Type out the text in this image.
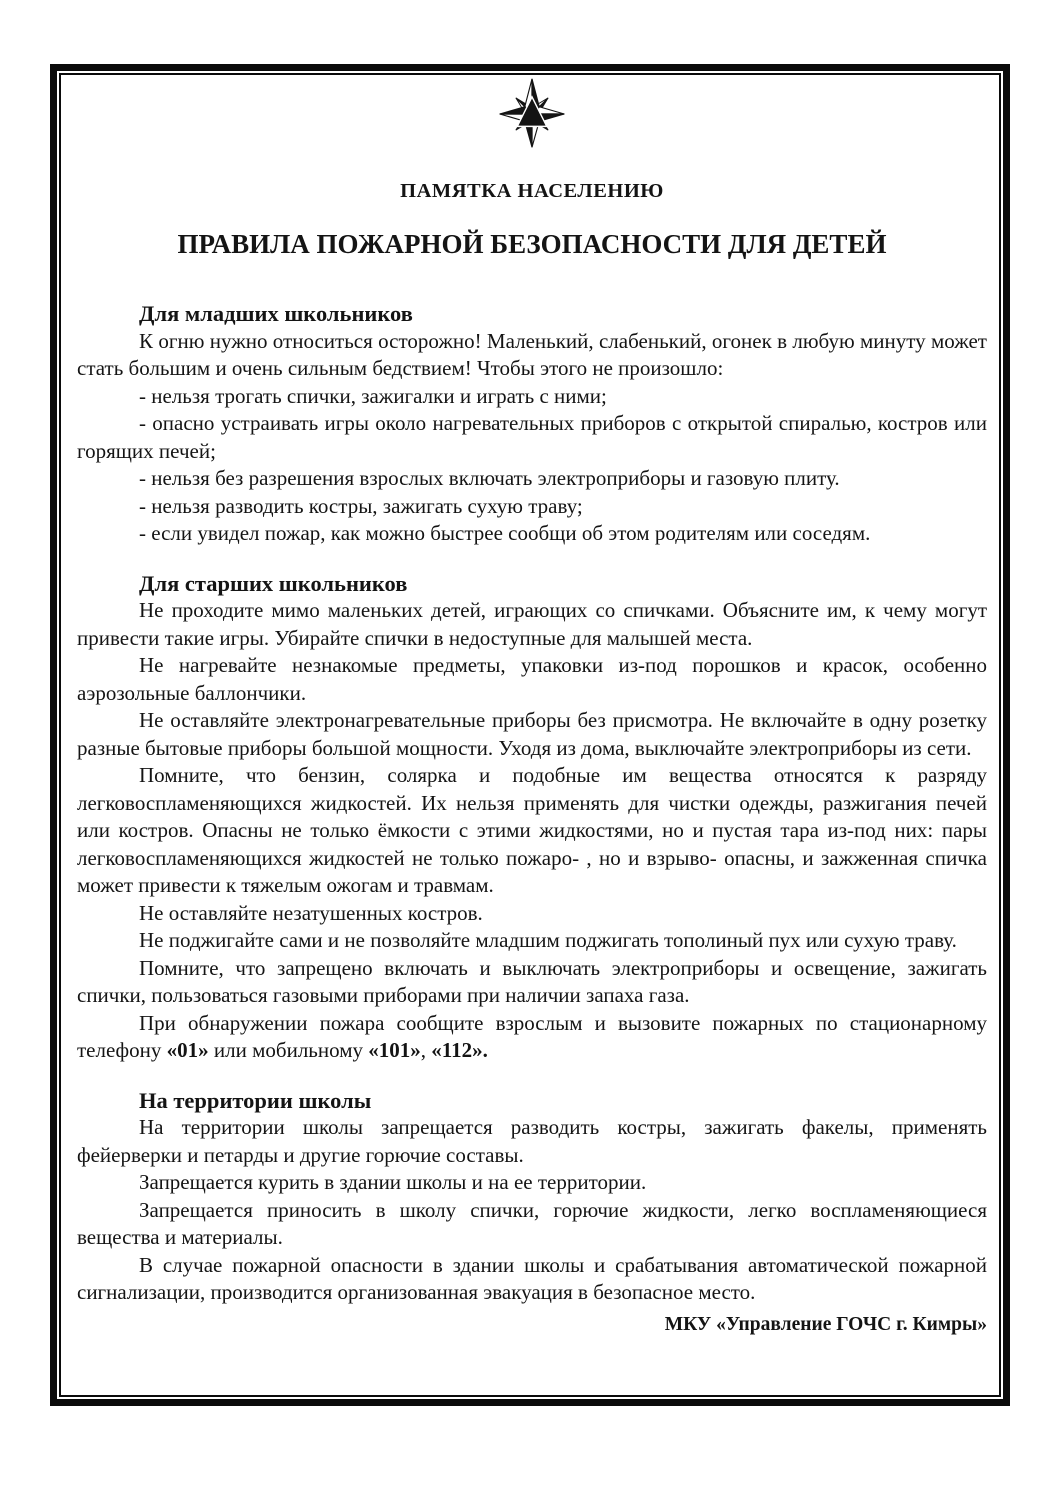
ПАМЯТКА НАСЕЛЕНИЮ
ПРАВИЛА ПОЖАРНОЙ БЕЗОПАСНОСТИ ДЛЯ ДЕТЕЙ
Для младших школьников

К огню нужно относиться осторожно! Маленький, слабенький, огонек в любую минуту может стать большим и очень сильным бедствием! Чтобы этого не произошло:

- нельзя трогать спички, зажигалки и играть с ними;

- опасно устраивать игры около нагревательных приборов с открытой спиралью, костров или горящих печей;

- нельзя без разрешения взрослых включать электроприборы и газовую плиту.

- нельзя разводить костры, зажигать сухую траву;

- если увидел пожар, как можно быстрее сообщи об этом родителям или соседям.

Для старших школьников

Не проходите мимо маленьких детей, играющих со спичками. Объясните им, к чему могут привести такие игры. Убирайте спички в недоступные для малышей места.

Не нагревайте незнакомые предметы, упаковки из-под порошков и красок, особенно аэрозольные баллончики.

Не оставляйте электронагревательные приборы без присмотра. Не включайте в одну розетку разные бытовые приборы большой мощности. Уходя из дома, выключайте электроприборы из сети.

Помните, что бензин, солярка и подобные им вещества относятся к разряду легковоспламеняющихся жидкостей. Их нельзя применять для чистки одежды, разжигания печей или костров. Опасны не только ёмкости с этими жидкостями, но и пустая тара из-под них: пары легковоспламеняющихся жидкостей не только пожаро- , но и взрыво- опасны, и зажженная спичка может привести к тяжелым ожогам и травмам.

Не оставляйте незатушенных костров.

Не поджигайте сами и не позволяйте младшим поджигать тополиный пух или сухую траву.

Помните, что запрещено включать и выключать электроприборы и освещение, зажигать спички, пользоваться газовыми приборами при наличии запаха газа.

При обнаружении пожара сообщите взрослым и вызовите пожарных по стационарному телефону «01» или мобильному «101», «112».

На территории школы

На территории школы запрещается разводить костры, зажигать факелы, применять фейерверки и петарды и другие горючие составы.

Запрещается курить в здании школы и на ее территории.

Запрещается приносить в школу спички, горючие жидкости, легко воспламеняющиеся вещества и материалы.

В случае пожарной опасности в здании школы и срабатывания автоматической пожарной сигнализации, производится организованная эвакуация в безопасное место.

МКУ «Управление ГОЧС г. Кимры»
